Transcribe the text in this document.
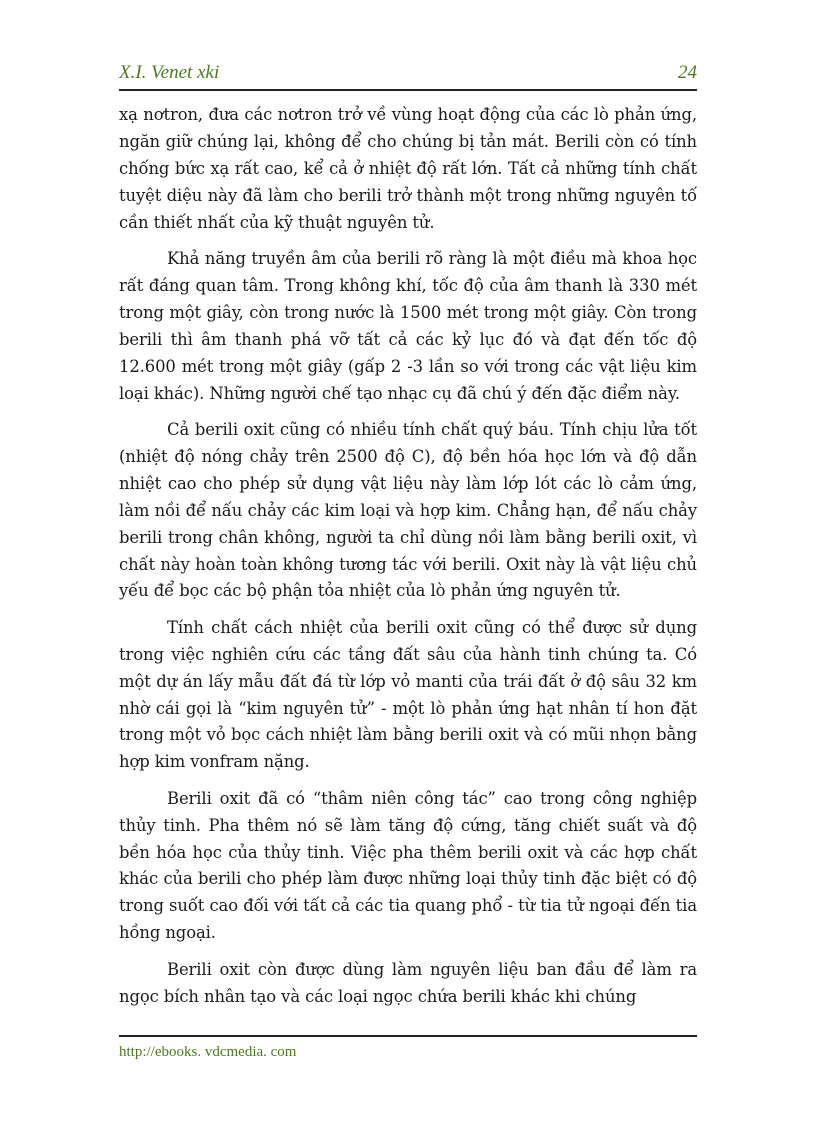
X.I. Venet xki	24

xạ nơtron, đưa các nơtron trở về vùng hoạt động của các lò phản ứng, ngăn giữ chúng lại, không để cho chúng bị tản mát. Berili còn có tính chống bức xạ rất cao, kể cả ở nhiệt độ rất lớn. Tất cả những tính chất tuyệt diệu này đã làm cho berili trở thành một trong những nguyên tố cần thiết nhất của kỹ thuật nguyên tử.

Khả năng truyền âm của berili rõ ràng là một điều mà khoa học rất đáng quan tâm. Trong không khí, tốc độ của âm thanh là 330 mét trong một giây, còn trong nước là 1500 mét trong một giây. Còn trong berili thì âm thanh phá vỡ tất cả các kỷ lục đó và đạt đến tốc độ 12.600 mét trong một giây (gấp 2 -3 lần so với trong các vật liệu kim loại khác). Những người chế tạo nhạc cụ đã chú ý đến đặc điểm này.

Cả berili oxit cũng có nhiều tính chất quý báu. Tính chịu lửa tốt (nhiệt độ nóng chảy trên 2500 độ C), độ bền hóa học lớn và độ dẫn nhiệt cao cho phép sử dụng vật liệu này làm lớp lót các lò cảm ứng, làm nồi để nấu chảy các kim loại và hợp kim. Chẳng hạn, để nấu chảy berili trong chân không, người ta chỉ dùng nồi làm bằng berili oxit, vì chất này hoàn toàn không tương tác với berili. Oxit này là vật liệu chủ yếu để bọc các bộ phận tỏa nhiệt của lò phản ứng nguyên tử.

Tính chất cách nhiệt của berili oxit cũng có thể được sử dụng trong việc nghiên cứu các tầng đất sâu của hành tinh chúng ta. Có một dự án lấy mẫu đất đá từ lớp vỏ manti của trái đất ở độ sâu 32 km nhờ cái gọi là “kim nguyên tử” - một lò phản ứng hạt nhân tí hon đặt trong một vỏ bọc cách nhiệt làm bằng berili oxit và có mũi nhọn bằng hợp kim vonfram nặng.

Berili oxit đã có “thâm niên công tác” cao trong công nghiệp thủy tinh. Pha thêm nó sẽ làm tăng độ cứng, tăng chiết suất và độ bền hóa học của thủy tinh. Việc pha thêm berili oxit và các hợp chất khác của berili cho phép làm được những loại thủy tinh đặc biệt có độ trong suốt cao đối với tất cả các tia quang phổ - từ tia tử ngoại đến tia hồng ngoại.

Berili oxit còn được dùng làm nguyên liệu ban đầu để làm ra ngọc bích nhân tạo và các loại ngọc chứa berili khác khi chúng

http://ebooks. vdcmedia. com
